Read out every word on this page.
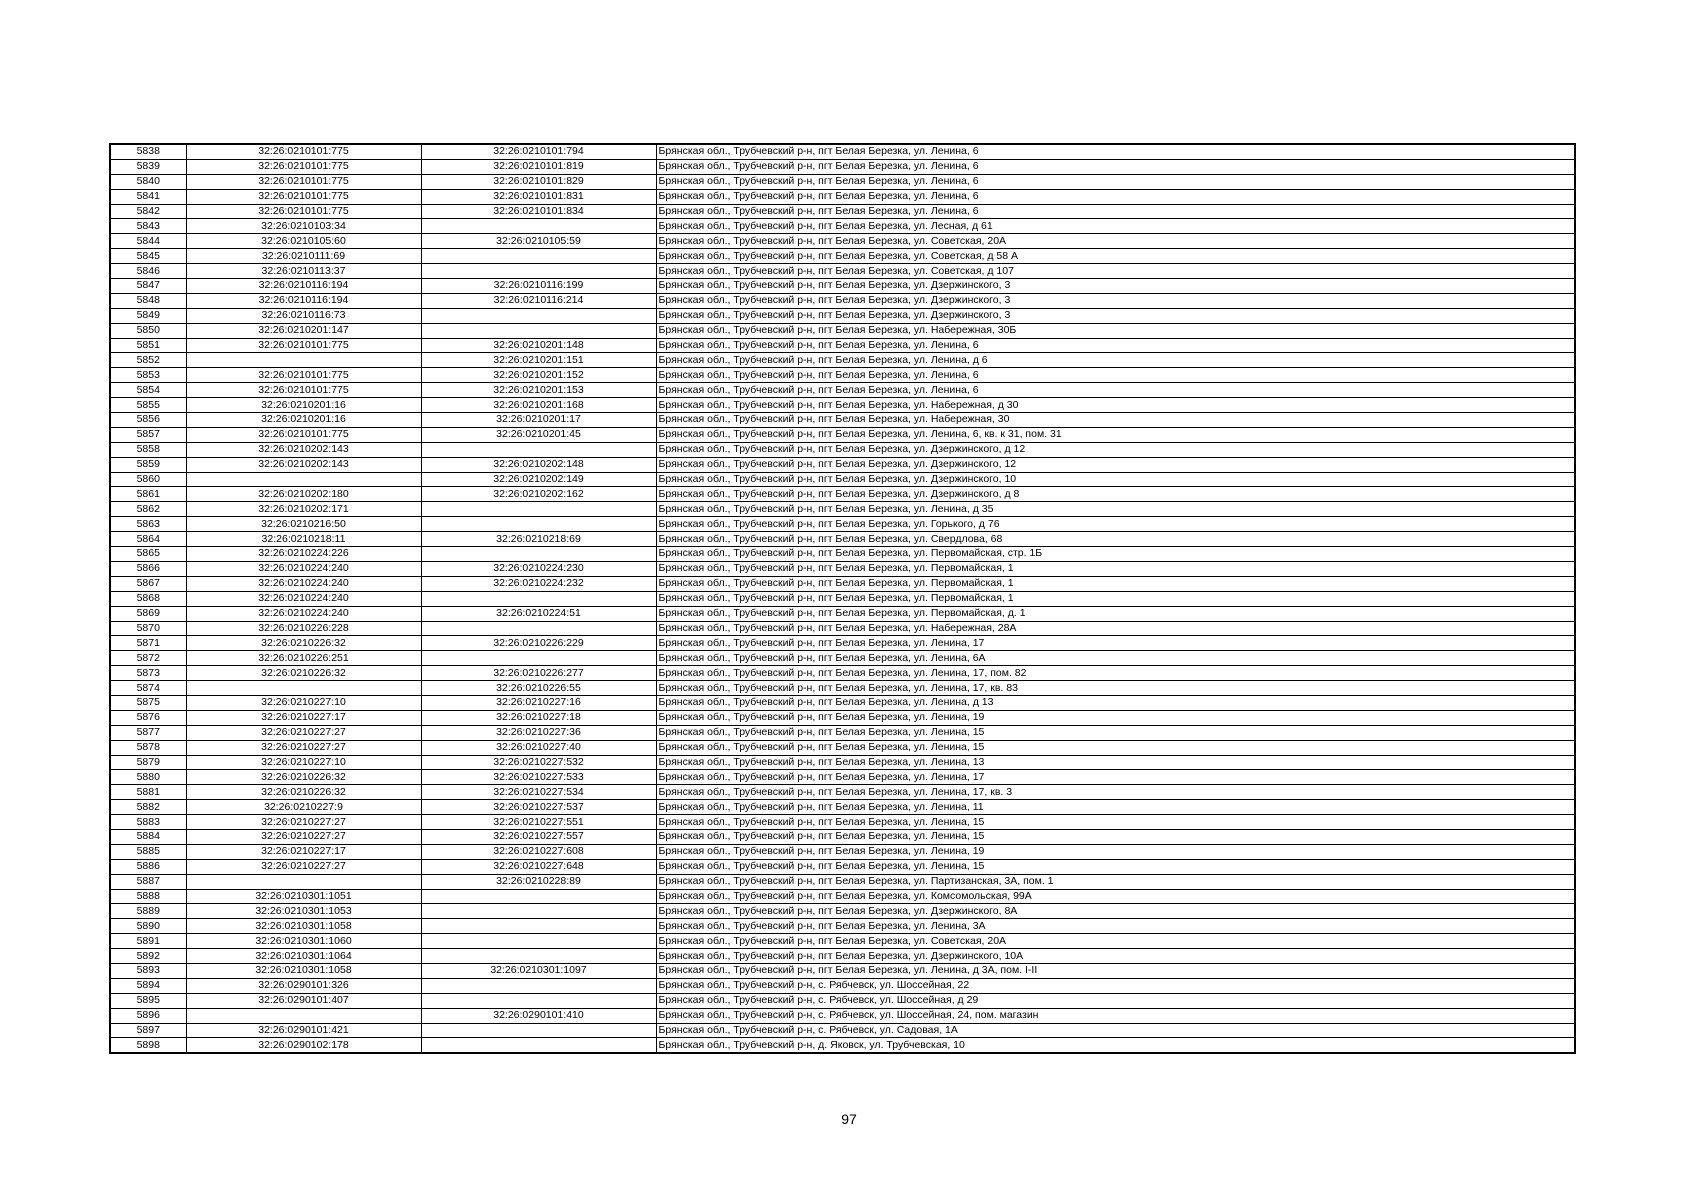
5838	32:26:0210101:775	32:26:0210101:794	Брянская обл., Трубчевский р-н, пгт Белая Березка, ул. Ленина, 6
5839	32:26:0210101:775	32:26:0210101:819	Брянская обл., Трубчевский р-н, пгт Белая Березка, ул. Ленина, 6
5840	32:26:0210101:775	32:26:0210101:829	Брянская обл., Трубчевский р-н, пгт Белая Березка, ул. Ленина, 6
5841	32:26:0210101:775	32:26:0210101:831	Брянская обл., Трубчевский р-н, пгт Белая Березка, ул. Ленина, 6
5842	32:26:0210101:775	32:26:0210101:834	Брянская обл., Трубчевский р-н, пгт Белая Березка, ул. Ленина, 6
5843	32:26:0210103:34		Брянская обл., Трубчевский р-н, пгт Белая Березка, ул. Лесная, д 61
5844	32:26:0210105:60	32:26:0210105:59	Брянская обл., Трубчевский р-н, пгт Белая Березка, ул. Советская, 20А
5845	32:26:0210111:69		Брянская обл., Трубчевский р-н, пгт Белая Березка, ул. Советская, д 58 А
5846	32:26:0210113:37		Брянская обл., Трубчевский р-н, пгт Белая Березка, ул. Советская, д 107
5847	32:26:0210116:194	32:26:0210116:199	Брянская обл., Трубчевский р-н, пгт Белая Березка, ул. Дзержинского, 3
5848	32:26:0210116:194	32:26:0210116:214	Брянская обл., Трубчевский р-н, пгт Белая Березка, ул. Дзержинского, 3
5849	32:26:0210116:73		Брянская обл., Трубчевский р-н, пгт Белая Березка, ул. Дзержинского, 3
5850	32:26:0210201:147		Брянская обл., Трубчевский р-н, пгт Белая Березка, ул. Набережная, 30Б
5851	32:26:0210101:775	32:26:0210201:148	Брянская обл., Трубчевский р-н, пгт Белая Березка, ул. Ленина, 6
5852		32:26:0210201:151	Брянская обл., Трубчевский р-н, пгт Белая Березка, ул. Ленина, д 6
5853	32:26:0210101:775	32:26:0210201:152	Брянская обл., Трубчевский р-н, пгт Белая Березка, ул. Ленина, 6
5854	32:26:0210101:775	32:26:0210201:153	Брянская обл., Трубчевский р-н, пгт Белая Березка, ул. Ленина, 6
5855	32:26:0210201:16	32:26:0210201:168	Брянская обл., Трубчевский р-н, пгт Белая Березка, ул. Набережная, д 30
5856	32:26:0210201:16	32:26:0210201:17	Брянская обл., Трубчевский р-н, пгт Белая Березка, ул. Набережная, 30
5857	32:26:0210101:775	32:26:0210201:45	Брянская обл., Трубчевский р-н, пгт Белая Березка, ул. Ленина, 6, кв. к 31, пом. 31
5858	32:26:0210202:143		Брянская обл., Трубчевский р-н, пгт Белая Березка, ул. Дзержинского, д 12
5859	32:26:0210202:143	32:26:0210202:148	Брянская обл., Трубчевский р-н, пгт Белая Березка, ул. Дзержинского, 12
5860		32:26:0210202:149	Брянская обл., Трубчевский р-н, пгт Белая Березка, ул. Дзержинского, 10
5861	32:26:0210202:180	32:26:0210202:162	Брянская обл., Трубчевский р-н, пгт Белая Березка, ул. Дзержинского, д 8
5862	32:26:0210202:171		Брянская обл., Трубчевский р-н, пгт Белая Березка, ул. Ленина, д 35
5863	32:26:0210216:50		Брянская обл., Трубчевский р-н, пгт Белая Березка, ул. Горького, д 76
5864	32:26:0210218:11	32:26:0210218:69	Брянская обл., Трубчевский р-н, пгт Белая Березка, ул. Свердлова, 68
5865	32:26:0210224:226		Брянская обл., Трубчевский р-н, пгт Белая Березка, ул. Первомайская, стр. 1Б
5866	32:26:0210224:240	32:26:0210224:230	Брянская обл., Трубчевский р-н, пгт Белая Березка, ул. Первомайская, 1
5867	32:26:0210224:240	32:26:0210224:232	Брянская обл., Трубчевский р-н, пгт Белая Березка, ул. Первомайская, 1
5868	32:26:0210224:240		Брянская обл., Трубчевский р-н, пгт Белая Березка, ул. Первомайская, 1
5869	32:26:0210224:240	32:26:0210224:51	Брянская обл., Трубчевский р-н, пгт Белая Березка, ул. Первомайская, д. 1
5870	32:26:0210226:228		Брянская обл., Трубчевский р-н, пгт Белая Березка, ул. Набережная, 28А
5871	32:26:0210226:32	32:26:0210226:229	Брянская обл., Трубчевский р-н, пгт Белая Березка, ул. Ленина, 17
5872	32:26:0210226:251		Брянская обл., Трубчевский р-н, пгт Белая Березка, ул. Ленина, 6А
5873	32:26:0210226:32	32:26:0210226:277	Брянская обл., Трубчевский р-н, пгт Белая Березка, ул. Ленина, 17, пом. 82
5874		32:26:0210226:55	Брянская обл., Трубчевский р-н, пгт Белая Березка, ул. Ленина, 17, кв. 83
5875	32:26:0210227:10	32:26:0210227:16	Брянская обл., Трубчевский р-н, пгт Белая Березка, ул. Ленина, д 13
5876	32:26:0210227:17	32:26:0210227:18	Брянская обл., Трубчевский р-н, пгт Белая Березка, ул. Ленина, 19
5877	32:26:0210227:27	32:26:0210227:36	Брянская обл., Трубчевский р-н, пгт Белая Березка, ул. Ленина, 15
5878	32:26:0210227:27	32:26:0210227:40	Брянская обл., Трубчевский р-н, пгт Белая Березка, ул. Ленина, 15
5879	32:26:0210227:10	32:26:0210227:532	Брянская обл., Трубчевский р-н, пгт Белая Березка, ул. Ленина, 13
5880	32:26:0210226:32	32:26:0210227:533	Брянская обл., Трубчевский р-н, пгт Белая Березка, ул. Ленина, 17
5881	32:26:0210226:32	32:26:0210227:534	Брянская обл., Трубчевский р-н, пгт Белая Березка, ул. Ленина, 17, кв. 3
5882	32:26:0210227:9	32:26:0210227:537	Брянская обл., Трубчевский р-н, пгт Белая Березка, ул. Ленина, 11
5883	32:26:0210227:27	32:26:0210227:551	Брянская обл., Трубчевский р-н, пгт Белая Березка, ул. Ленина, 15
5884	32:26:0210227:27	32:26:0210227:557	Брянская обл., Трубчевский р-н, пгт Белая Березка, ул. Ленина, 15
5885	32:26:0210227:17	32:26:0210227:608	Брянская обл., Трубчевский р-н, пгт Белая Березка, ул. Ленина, 19
5886	32:26:0210227:27	32:26:0210227:648	Брянская обл., Трубчевский р-н, пгт Белая Березка, ул. Ленина, 15
5887		32:26:0210228:89	Брянская обл., Трубчевский р-н, пгт Белая Березка, ул. Партизанская, 3А, пом. 1
5888	32:26:0210301:1051		Брянская обл., Трубчевский р-н, пгт Белая Березка, ул. Комсомольская, 99А
5889	32:26:0210301:1053		Брянская обл., Трубчевский р-н, пгт Белая Березка, ул. Дзержинского, 8А
5890	32:26:0210301:1058		Брянская обл., Трубчевский р-н, пгт Белая Березка, ул. Ленина, 3А
5891	32:26:0210301:1060		Брянская обл., Трубчевский р-н, пгт Белая Березка, ул. Советская, 20А
5892	32:26:0210301:1064		Брянская обл., Трубчевский р-н, пгт Белая Березка, ул. Дзержинского, 10А
5893	32:26:0210301:1058	32:26:0210301:1097	Брянская обл., Трубчевский р-н, пгт Белая Березка, ул. Ленина, д 3А, пом. I-II
5894	32:26:0290101:326		Брянская обл., Трубчевский р-н, с. Рябчевск, ул. Шоссейная, 22
5895	32:26:0290101:407		Брянская обл., Трубчевский р-н, с. Рябчевск, ул. Шоссейная, д 29
5896		32:26:0290101:410	Брянская обл., Трубчевский р-н, с. Рябчевск, ул. Шоссейная, 24, пом. магазин
5897	32:26:0290101:421		Брянская обл., Трубчевский р-н, с. Рябчевск, ул. Садовая, 1А
5898	32:26:0290102:178		Брянская обл., Трубчевский р-н, д. Яковск, ул. Трубчевская, 10
97
